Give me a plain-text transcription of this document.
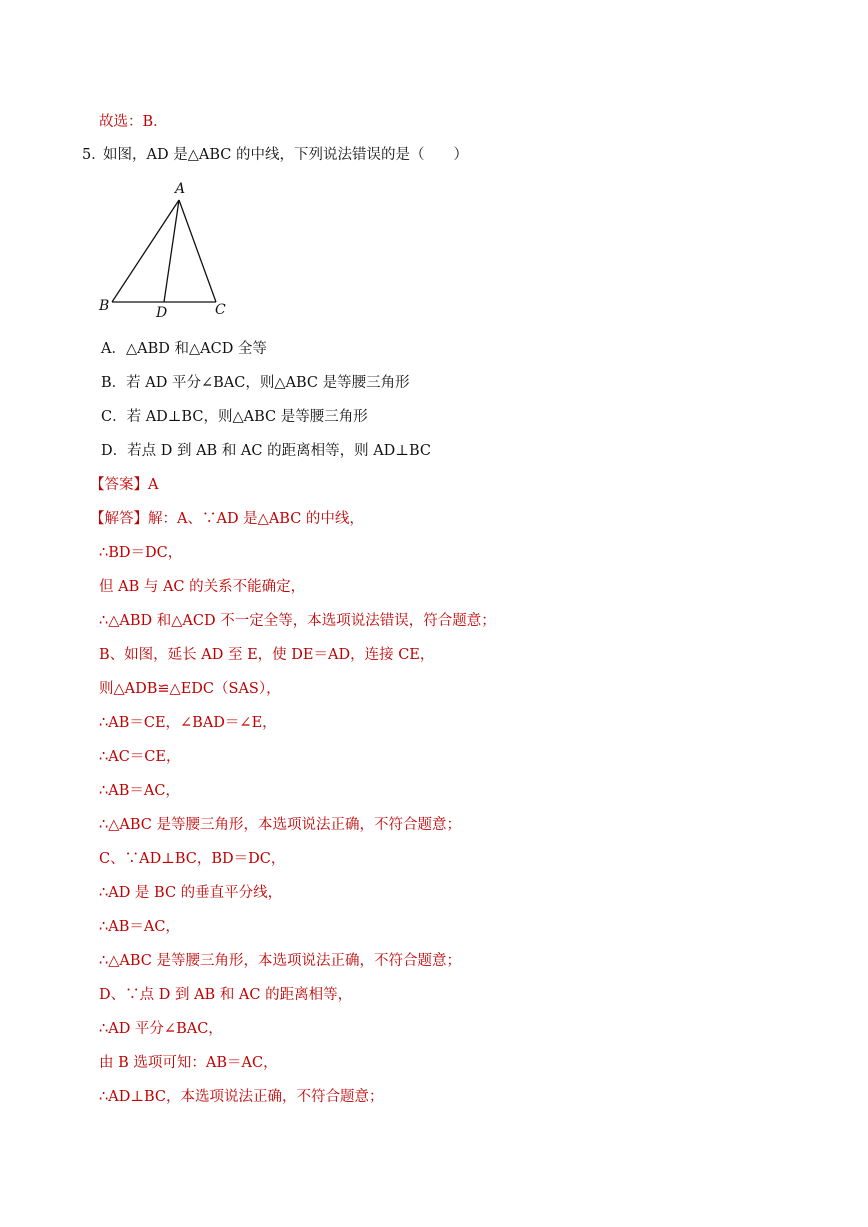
故选：B．
5．
如图，AD 是△ABC 的中线，下列说法错误的是（　　）
A
B	D	C
A．△ABD 和△ACD 全等
B．若 AD 平分∠BAC，则△ABC 是等腰三角形
C．若 AD⊥BC，则△ABC 是等腰三角形
D．若点 D 到 AB 和 AC 的距离相等，则 AD⊥BC
【答案】A
【解答】解：A、∵AD 是△ABC 的中线，
∴BD＝DC，
但 AB 与 AC 的关系不能确定，
∴△ABD 和△ACD 不一定全等，本选项说法错误，符合题意；
B、如图，延长 AD 至 E，使 DE＝AD，连接 CE，
则△ADB≌△EDC（SAS），
∴AB＝CE，∠BAD＝∠E，
∴AC＝CE，
∴AB＝AC，
∴△ABC 是等腰三角形，本选项说法正确，不符合题意；
C、∵AD⊥BC，BD＝DC，
∴AD 是 BC 的垂直平分线，
∴AB＝AC，
∴△ABC 是等腰三角形，本选项说法正确，不符合题意；
D、∵点 D 到 AB 和 AC 的距离相等，
∴AD 平分∠BAC，
由 B 选项可知：AB＝AC，
∴AD⊥BC，本选项说法正确，不符合题意；
